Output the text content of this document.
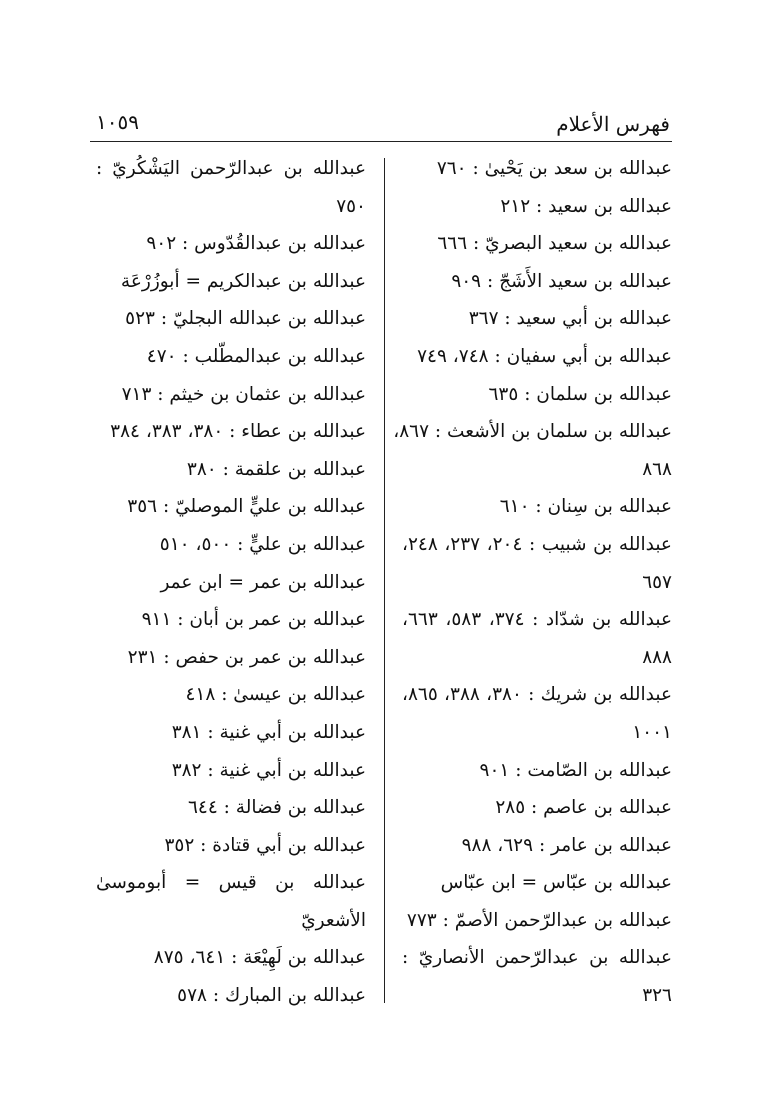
فهرس الأعلام
١٠٥٩
عبدالله بن سعد بن يَحْيىٰ : ٧٦٠
عبدالله بن سعيد : ٢١٢
عبدالله بن سعيد البصريّ : ٦٦٦
عبدالله بن سعيد الأَشَجّ : ٩٠٩
عبدالله بن أبي سعيد : ٣٦٧
عبدالله بن أبي سفيان : ٧٤٨، ٧٤٩
عبدالله بن سلمان : ٦٣٥
عبدالله بن سلمان بن الأشعث : ٨٦٧،
٨٦٨
عبدالله بن سِنان : ٦١٠
عبدالله بن شبيب : ٢٠٤، ٢٣٧، ٢٤٨،
٦٥٧
عبدالله بن شدّاد : ٣٧٤، ٥٨٣، ٦٦٣،
٨٨٨
عبدالله بن شريك : ٣٨٠، ٣٨٨، ٨٦٥،
١٠٠١
عبدالله بن الصّامت : ٩٠١
عبدالله بن عاصم : ٢٨٥
عبدالله بن عامر : ٦٢٩، ٩٨٨
عبدالله بن عبّاس = ابن عبّاس
عبدالله بن عبدالرّحمن الأصمّ : ٧٧٣
عبدالله بن عبدالرّحمن الأنصاريّ :
٣٢٦
عبدالله بن عبدالرّحمن اليَشْكُريّ :
٧٥٠
عبدالله بن عبدالقُدّوس : ٩٠٢
عبدالله بن عبدالكريم = أبوزُرْعَة
عبدالله بن عبدالله البجليّ : ٥٢٣
عبدالله بن عبدالمطّلب : ٤٧٠
عبدالله بن عثمان بن خيثم : ٧١٣
عبدالله بن عطاء : ٣٨٠، ٣٨٣، ٣٨٤
عبدالله بن علقمة : ٣٨٠
عبدالله بن عليٍّ الموصليّ : ٣٥٦
عبدالله بن عليٍّ : ٥٠٠، ٥١٠
عبدالله بن عمر = ابن عمر
عبدالله بن عمر بن أبان : ٩١١
عبدالله بن عمر بن حفص : ٢٣١
عبدالله بن عيسىٰ : ٤١٨
عبدالله بن أبي غنية : ٣٨١
عبدالله بن أبي غنية : ٣٨٢
عبدالله بن فضالة : ٦٤٤
عبدالله بن أبي قتادة : ٣٥٢
عبدالله بن قيس = أبوموسىٰ
الأشعريّ
عبدالله بن لَهِيْعَة : ٦٤١، ٨٧٥
عبدالله بن المبارك : ٥٧٨
